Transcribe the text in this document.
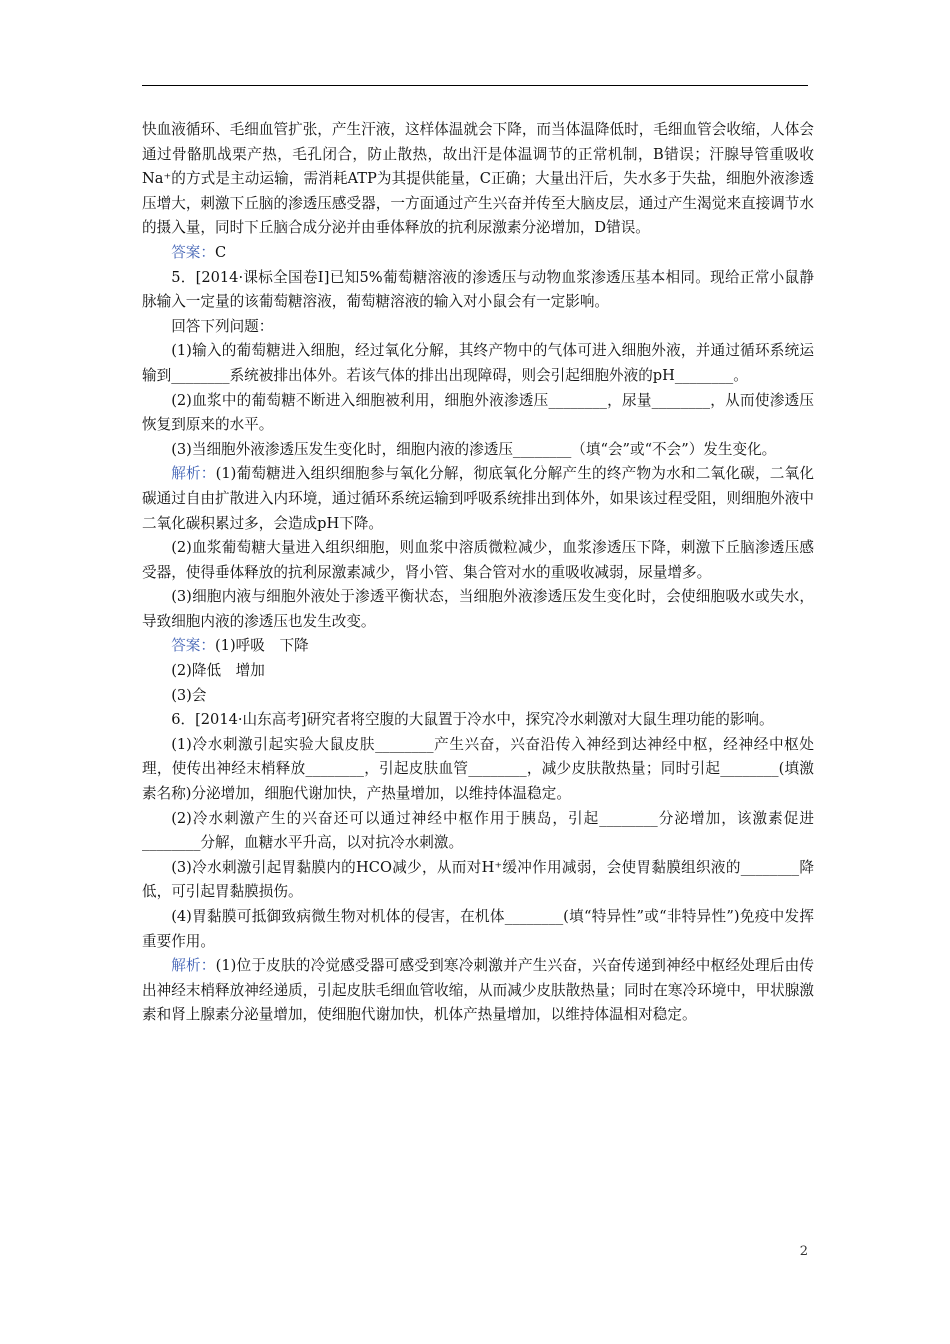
快血液循环、毛细血管扩张，产生汗液，这样体温就会下降，而当体温降低时，毛细血管会收缩，人体会通过骨骼肌战栗产热，毛孔闭合，防止散热，故出汗是体温调节的正常机制，B错误；汗腺导管重吸收Na⁺的方式是主动运输，需消耗ATP为其提供能量，C正确；大量出汗后，失水多于失盐，细胞外液渗透压增大，刺激下丘脑的渗透压感受器，一方面通过产生兴奋并传至大脑皮层，通过产生渴觉来直接调节水的摄入量，同时下丘脑合成分泌并由垂体释放的抗利尿激素分泌增加，D错误。

答案：C

5．[2014·课标全国卷Ⅰ]已知5%葡萄糖溶液的渗透压与动物血浆渗透压基本相同。现给正常小鼠静脉输入一定量的该葡萄糖溶液，葡萄糖溶液的输入对小鼠会有一定影响。

回答下列问题：

(1)输入的葡萄糖进入细胞，经过氧化分解，其终产物中的气体可进入细胞外液，并通过循环系统运输到________系统被排出体外。若该气体的排出出现障碍，则会引起细胞外液的pH________。

(2)血浆中的葡萄糖不断进入细胞被利用，细胞外液渗透压________，尿量________，从而使渗透压恢复到原来的水平。

(3)当细胞外液渗透压发生变化时，细胞内液的渗透压________（填“会”或“不会”）发生变化。

解析：(1)葡萄糖进入组织细胞参与氧化分解，彻底氧化分解产生的终产物为水和二氧化碳，二氧化碳通过自由扩散进入内环境，通过循环系统运输到呼吸系统排出到体外，如果该过程受阻，则细胞外液中二氧化碳积累过多，会造成pH下降。

(2)血浆葡萄糖大量进入组织细胞，则血浆中溶质微粒减少，血浆渗透压下降，刺激下丘脑渗透压感受器，使得垂体释放的抗利尿激素减少，肾小管、集合管对水的重吸收减弱，尿量增多。

(3)细胞内液与细胞外液处于渗透平衡状态，当细胞外液渗透压发生变化时，会使细胞吸水或失水，导致细胞内液的渗透压也发生改变。

答案：(1)呼吸　下降

(2)降低　增加

(3)会

6．[2014·山东高考]研究者将空腹的大鼠置于冷水中，探究冷水刺激对大鼠生理功能的影响。

(1)冷水刺激引起实验大鼠皮肤________产生兴奋，兴奋沿传入神经到达神经中枢，经神经中枢处理，使传出神经末梢释放________，引起皮肤血管________，减少皮肤散热量；同时引起________(填激素名称)分泌增加，细胞代谢加快，产热量增加，以维持体温稳定。

(2)冷水刺激产生的兴奋还可以通过神经中枢作用于胰岛，引起________分泌增加，该激素促进________分解，血糖水平升高，以对抗冷水刺激。

(3)冷水刺激引起胃黏膜内的HCO减少，从而对H⁺缓冲作用减弱，会使胃黏膜组织液的________降低，可引起胃黏膜损伤。

(4)胃黏膜可抵御致病微生物对机体的侵害，在机体________(填“特异性”或“非特异性”)免疫中发挥重要作用。

解析：(1)位于皮肤的冷觉感受器可感受到寒冷刺激并产生兴奋，兴奋传递到神经中枢经处理后由传出神经末梢释放神经递质，引起皮肤毛细血管收缩，从而减少皮肤散热量；同时在寒冷环境中，甲状腺激素和肾上腺素分泌量增加，使细胞代谢加快，机体产热量增加，以维持体温相对稳定。

2
